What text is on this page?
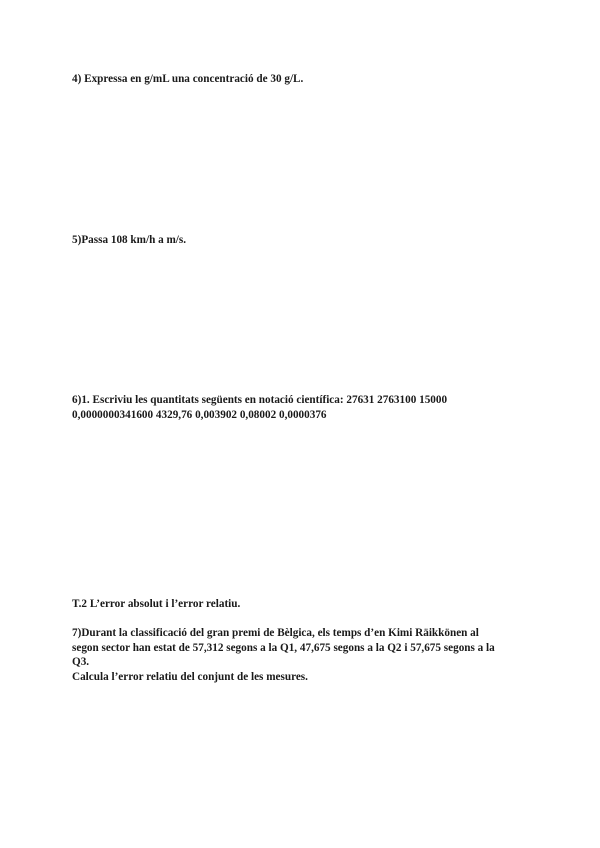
4) Expressa en g/mL una concentració de 30 g/L.

5)Passa 108 km/h a m/s.

6)1. Escriviu les quantitats següents en notació científica: 27631 2763100 15000
0,0000000341600 4329,76 0,003902 0,08002 0,0000376

T.2 L’error absolut i l’error relatiu.

7)Durant la classificació del gran premi de Bèlgica, els temps d’en Kimi Räikkönen al
segon sector han estat de 57,312 segons a la Q1, 47,675 segons a la Q2 i 57,675 segons a la
Q3.
Calcula l’error relatiu del conjunt de les mesures.
